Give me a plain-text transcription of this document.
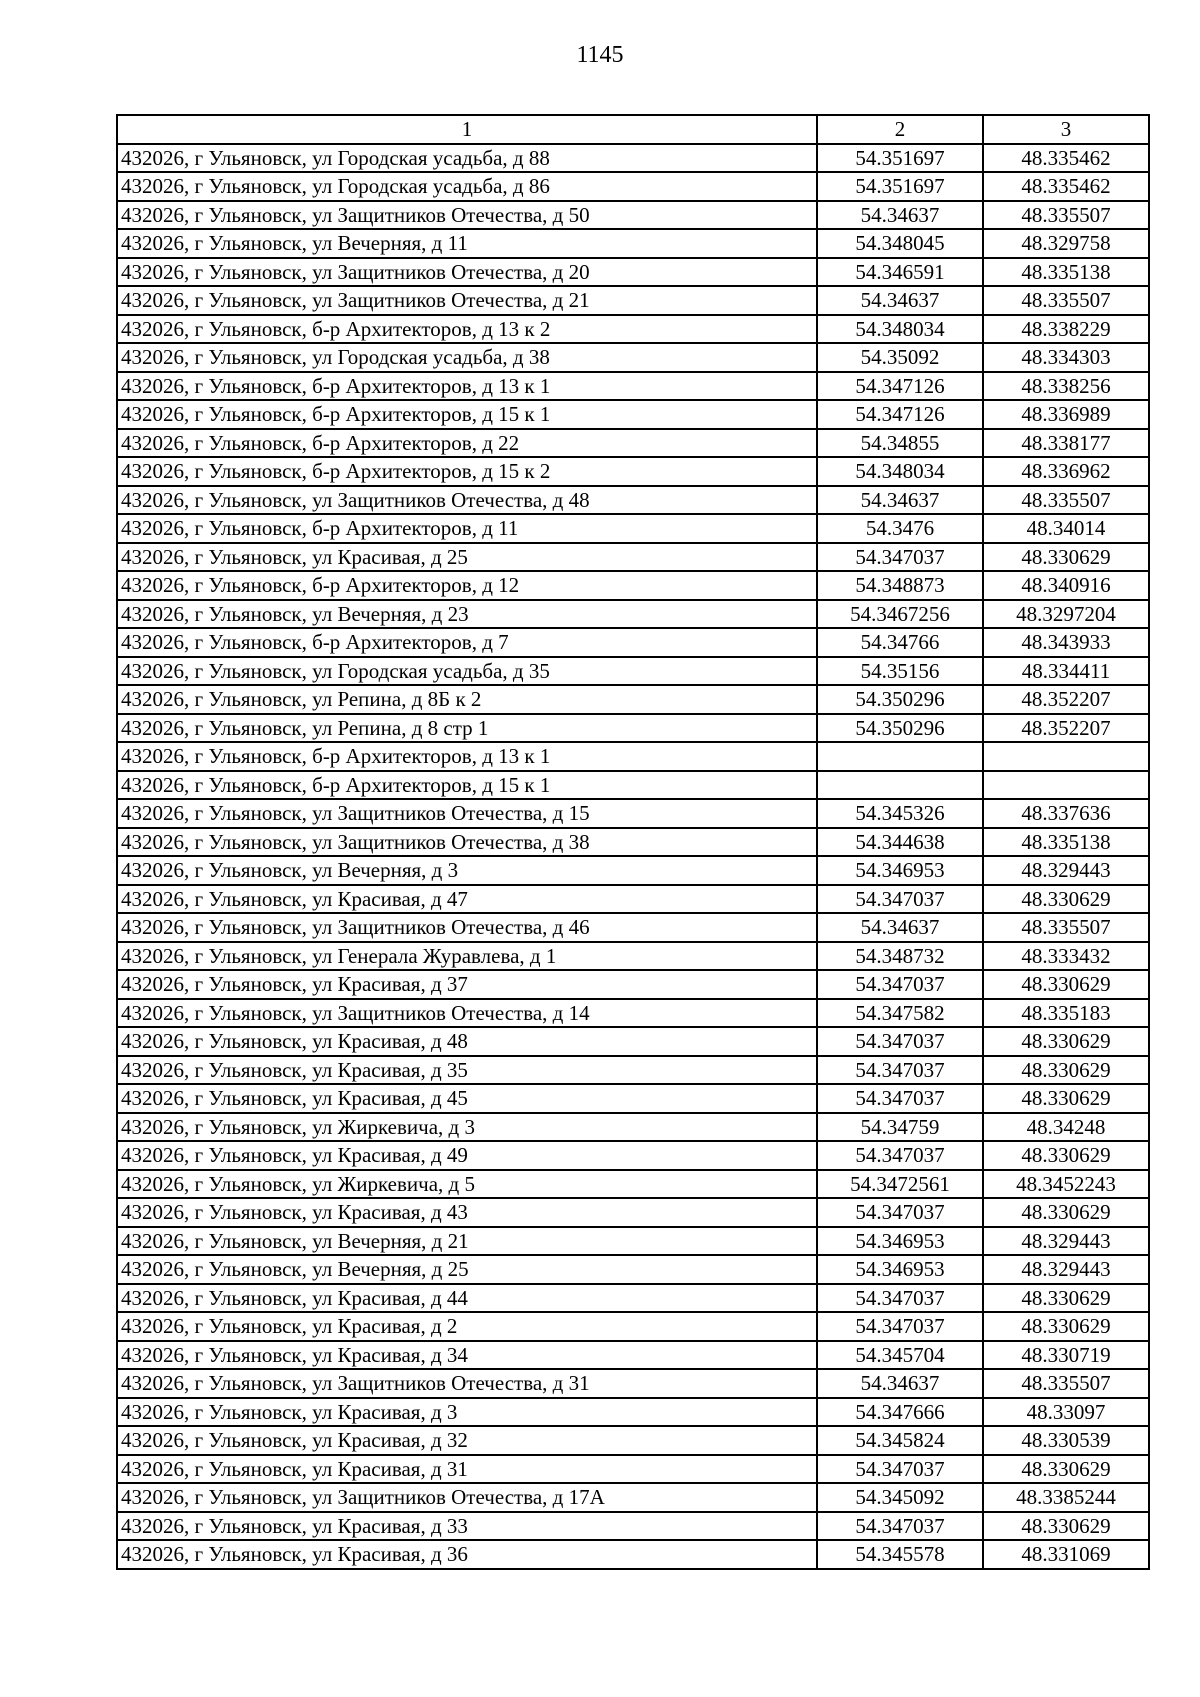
1145
1	2	3
432026, г Ульяновск, ул Городская усадьба, д 88	54.351697	48.335462
432026, г Ульяновск, ул Городская усадьба, д 86	54.351697	48.335462
432026, г Ульяновск, ул Защитников Отечества, д 50	54.34637	48.335507
432026, г Ульяновск, ул Вечерняя, д 11	54.348045	48.329758
432026, г Ульяновск, ул Защитников Отечества, д 20	54.346591	48.335138
432026, г Ульяновск, ул Защитников Отечества, д 21	54.34637	48.335507
432026, г Ульяновск, б-р Архитекторов, д 13 к 2	54.348034	48.338229
432026, г Ульяновск, ул Городская усадьба, д 38	54.35092	48.334303
432026, г Ульяновск, б-р Архитекторов, д 13 к 1	54.347126	48.338256
432026, г Ульяновск, б-р Архитекторов, д 15 к 1	54.347126	48.336989
432026, г Ульяновск, б-р Архитекторов, д 22	54.34855	48.338177
432026, г Ульяновск, б-р Архитекторов, д 15 к 2	54.348034	48.336962
432026, г Ульяновск, ул Защитников Отечества, д 48	54.34637	48.335507
432026, г Ульяновск, б-р Архитекторов, д 11	54.3476	48.34014
432026, г Ульяновск, ул Красивая, д 25	54.347037	48.330629
432026, г Ульяновск, б-р Архитекторов, д 12	54.348873	48.340916
432026, г Ульяновск, ул Вечерняя, д 23	54.3467256	48.3297204
432026, г Ульяновск, б-р Архитекторов, д 7	54.34766	48.343933
432026, г Ульяновск, ул Городская усадьба, д 35	54.35156	48.334411
432026, г Ульяновск, ул Репина, д 8Б к 2	54.350296	48.352207
432026, г Ульяновск, ул Репина, д 8 стр 1	54.350296	48.352207
432026, г Ульяновск, б-р Архитекторов, д 13 к 1		
432026, г Ульяновск, б-р Архитекторов, д 15 к 1		
432026, г Ульяновск, ул Защитников Отечества, д 15	54.345326	48.337636
432026, г Ульяновск, ул Защитников Отечества, д 38	54.344638	48.335138
432026, г Ульяновск, ул Вечерняя, д 3	54.346953	48.329443
432026, г Ульяновск, ул Красивая, д 47	54.347037	48.330629
432026, г Ульяновск, ул Защитников Отечества, д 46	54.34637	48.335507
432026, г Ульяновск, ул Генерала Журавлева, д 1	54.348732	48.333432
432026, г Ульяновск, ул Красивая, д 37	54.347037	48.330629
432026, г Ульяновск, ул Защитников Отечества, д 14	54.347582	48.335183
432026, г Ульяновск, ул Красивая, д 48	54.347037	48.330629
432026, г Ульяновск, ул Красивая, д 35	54.347037	48.330629
432026, г Ульяновск, ул Красивая, д 45	54.347037	48.330629
432026, г Ульяновск, ул Жиркевича, д 3	54.34759	48.34248
432026, г Ульяновск, ул Красивая, д 49	54.347037	48.330629
432026, г Ульяновск, ул Жиркевича, д 5	54.3472561	48.3452243
432026, г Ульяновск, ул Красивая, д 43	54.347037	48.330629
432026, г Ульяновск, ул Вечерняя, д 21	54.346953	48.329443
432026, г Ульяновск, ул Вечерняя, д 25	54.346953	48.329443
432026, г Ульяновск, ул Красивая, д 44	54.347037	48.330629
432026, г Ульяновск, ул Красивая, д 2	54.347037	48.330629
432026, г Ульяновск, ул Красивая, д 34	54.345704	48.330719
432026, г Ульяновск, ул Защитников Отечества, д 31	54.34637	48.335507
432026, г Ульяновск, ул Красивая, д 3	54.347666	48.33097
432026, г Ульяновск, ул Красивая, д 32	54.345824	48.330539
432026, г Ульяновск, ул Красивая, д 31	54.347037	48.330629
432026, г Ульяновск, ул Защитников Отечества, д 17А	54.345092	48.3385244
432026, г Ульяновск, ул Красивая, д 33	54.347037	48.330629
432026, г Ульяновск, ул Красивая, д 36	54.345578	48.331069
